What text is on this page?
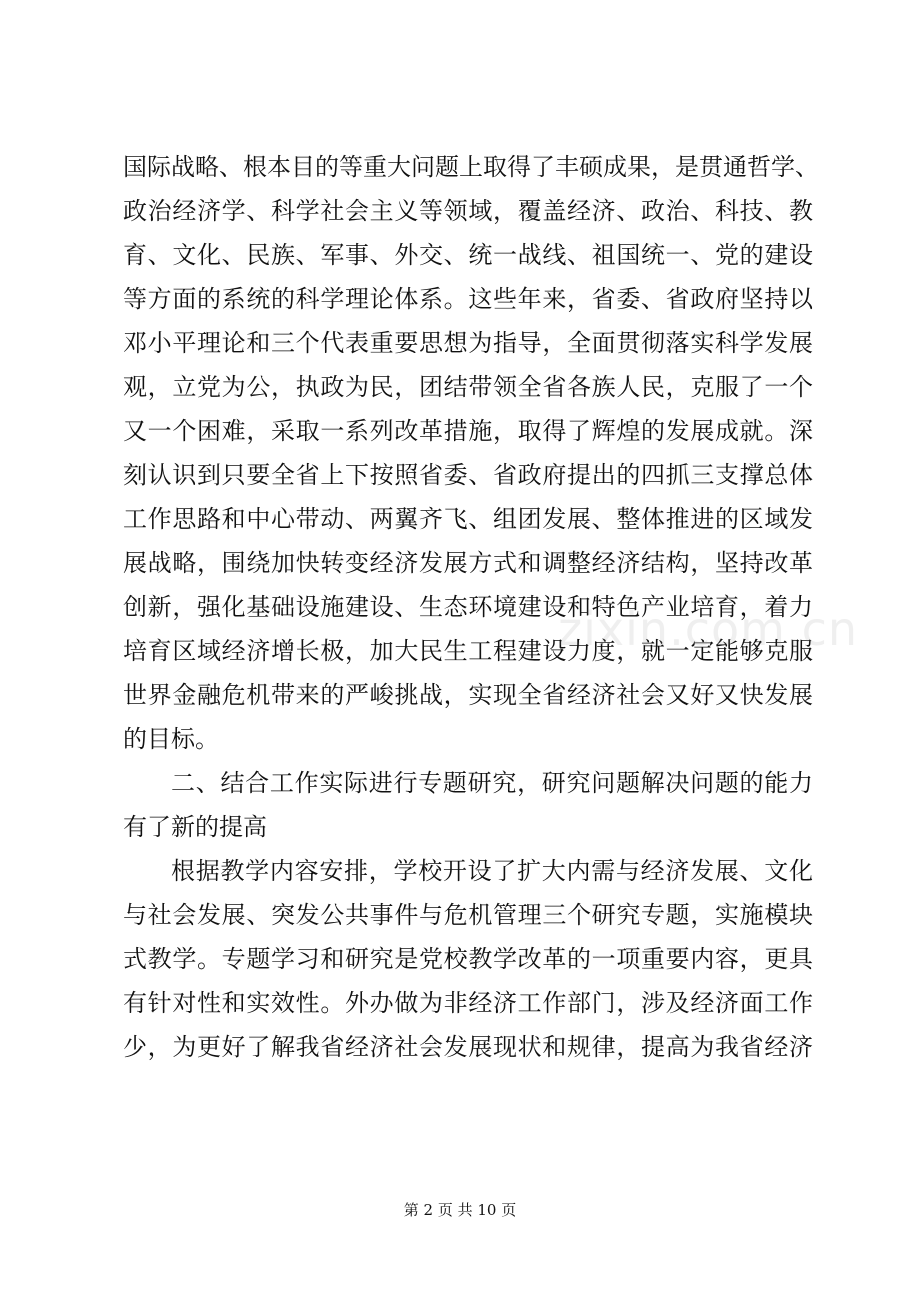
国际战略、根本目的等重大问题上取得了丰硕成果，是贯通哲学、
政治经济学、科学社会主义等领域，覆盖经济、政治、科技、教
育、文化、民族、军事、外交、统一战线、祖国统一、党的建设
等方面的系统的科学理论体系。这些年来，省委、省政府坚持以
邓小平理论和三个代表重要思想为指导，全面贯彻落实科学发展
观，立党为公，执政为民，团结带领全省各族人民，克服了一个
又一个困难，采取一系列改革措施，取得了辉煌的发展成就。深
刻认识到只要全省上下按照省委、省政府提出的四抓三支撑总体
工作思路和中心带动、两翼齐飞、组团发展、整体推进的区域发
展战略，围绕加快转变经济发展方式和调整经济结构，坚持改革
创新，强化基础设施建设、生态环境建设和特色产业培育，着力
培育区域经济增长极，加大民生工程建设力度，就一定能够克服
世界金融危机带来的严峻挑战，实现全省经济社会又好又快发展
的目标。
二、结合工作实际进行专题研究，研究问题解决问题的能力
有了新的提高
根据教学内容安排，学校开设了扩大内需与经济发展、文化
与社会发展、突发公共事件与危机管理三个研究专题，实施模块
式教学。专题学习和研究是党校教学改革的一项重要内容，更具
有针对性和实效性。外办做为非经济工作部门，涉及经济面工作
少，为更好了解我省经济社会发展现状和规律，提高为我省经济
zixin.com.cn
第 2 页 共 10 页
